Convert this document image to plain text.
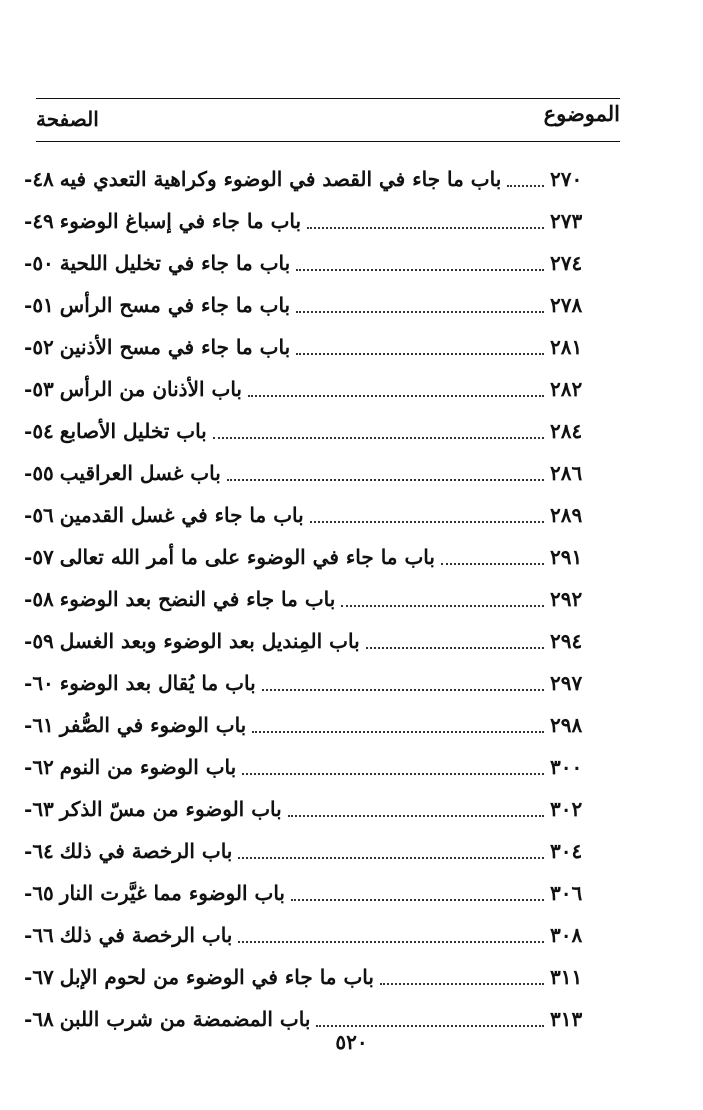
الموضوع
الصفحة
٤٨- باب ما جاء في القصد في الوضوء وكراهية التعدي فيه ٢٧٠
٤٩- باب ما جاء في إسباغ الوضوء	٢٧٣
٥٠- باب ما جاء في تخليل اللحية	٢٧٤
٥١- باب ما جاء في مسح الرأس	٢٧٨
٥٢- باب ما جاء في مسح الأذنين	٢٨١
٥٣- باب الأذنان من الرأس	٢٨٢
٥٤- باب تخليل الأصابع	٢٨٤
٥٥- باب غسل العراقيب	٢٨٦
٥٦- باب ما جاء في غسل القدمين	٢٨٩
٥٧- باب ما جاء في الوضوء على ما أمر الله تعالى	٢٩١
٥٨- باب ما جاء في النضح بعد الوضوء	٢٩٢
٥٩- باب المِنديل بعد الوضوء وبعد الغسل	٢٩٤
٦٠- باب ما يُقال بعد الوضوء	٢٩٧
٦١- باب الوضوء في الصُّفر	٢٩٨
٦٢- باب الوضوء من النوم	٣٠٠
٦٣- باب الوضوء من مسّ الذكر	٣٠٢
٦٤- باب الرخصة في ذلك	٣٠٤
٦٥- باب الوضوء مما غيَّرت النار	٣٠٦
٦٦- باب الرخصة في ذلك	٣٠٨
٦٧- باب ما جاء في الوضوء من لحوم الإبل	٣١١
٦٨- باب المضمضة من شرب اللبن	٣١٣
٥٢٠
